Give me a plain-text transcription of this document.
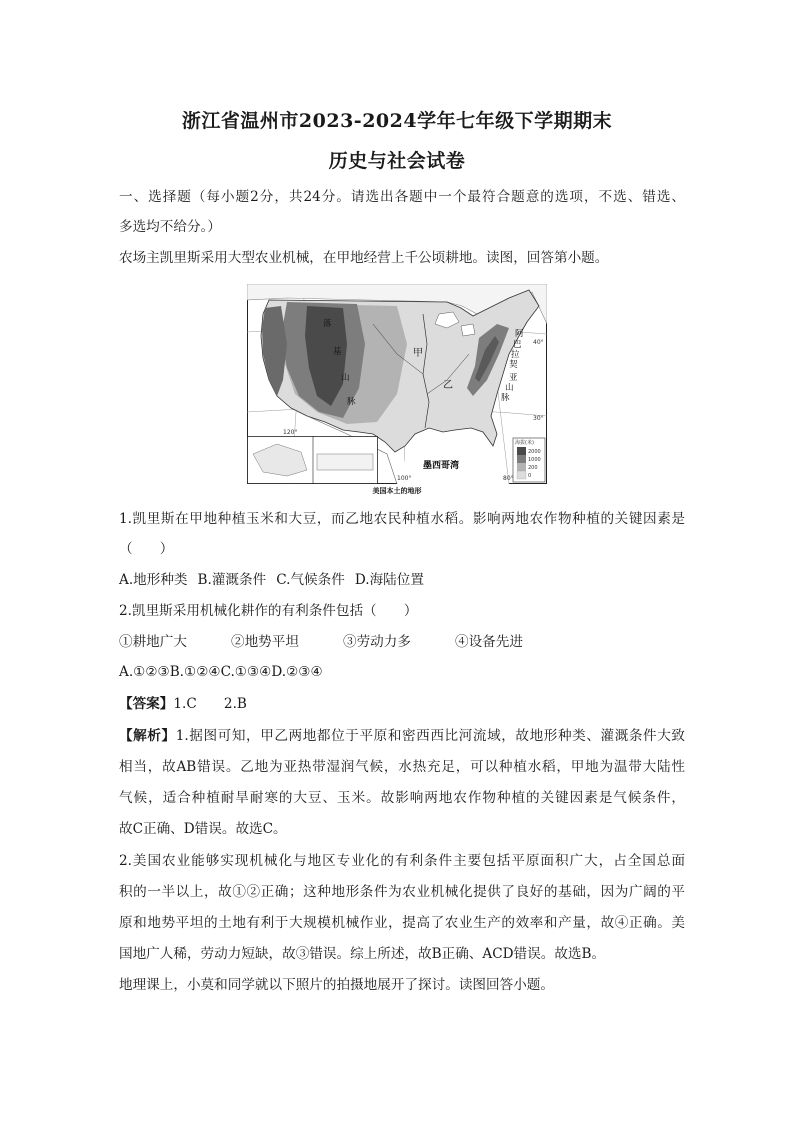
浙江省温州市2023-2024学年七年级下学期期末
历史与社会试卷
一、选择题（每小题2分，共24分。请选出各题中一个最符合题意的选项，不选、错选、
多选均不给分。）
农场主凯里斯采用大型农业机械，在甲地经营上千公顷耕地。读图，回答第小题。
落
基
山
脉
甲
乙
阿
巴
拉
契
亚
山
脉
墨西哥湾
40°
30°
120°
100°	80°
海拔(米)
2000
1000
200
0
美国本土的地形
1.凯里斯在甲地种植玉米和大豆，而乙地农民种植水稻。影响两地农作物种植的关键因素是
（　　）
A.地形种类 B.灌溉条件 C.气候条件 D.海陆位置
2.凯里斯采用机械化耕作的有利条件包括（　　）
①耕地广大	②地势平坦	③劳动力多	④设备先进
A.①②③B.①②④C.①③④D.②③④
【答案】1.C　　2.B
【解析】1.据图可知，甲乙两地都位于平原和密西西比河流域，故地形种类、灌溉条件大致
相当，故AB错误。乙地为亚热带湿润气候，水热充足，可以种植水稻，甲地为温带大陆性
气候，适合种植耐旱耐寒的大豆、玉米。故影响两地农作物种植的关键因素是气候条件，
故C正确、D错误。故选C。
2.美国农业能够实现机械化与地区专业化的有利条件主要包括平原面积广大，占全国总面
积的一半以上，故①②正确；这种地形条件为农业机械化提供了良好的基础，因为广阔的平
原和地势平坦的土地有利于大规模机械作业，提高了农业生产的效率和产量，故④正确。美
国地广人稀，劳动力短缺，故③错误。综上所述，故B正确、ACD错误。故选B。
地理课上，小莫和同学就以下照片的拍摄地展开了探讨。读图回答小题。
